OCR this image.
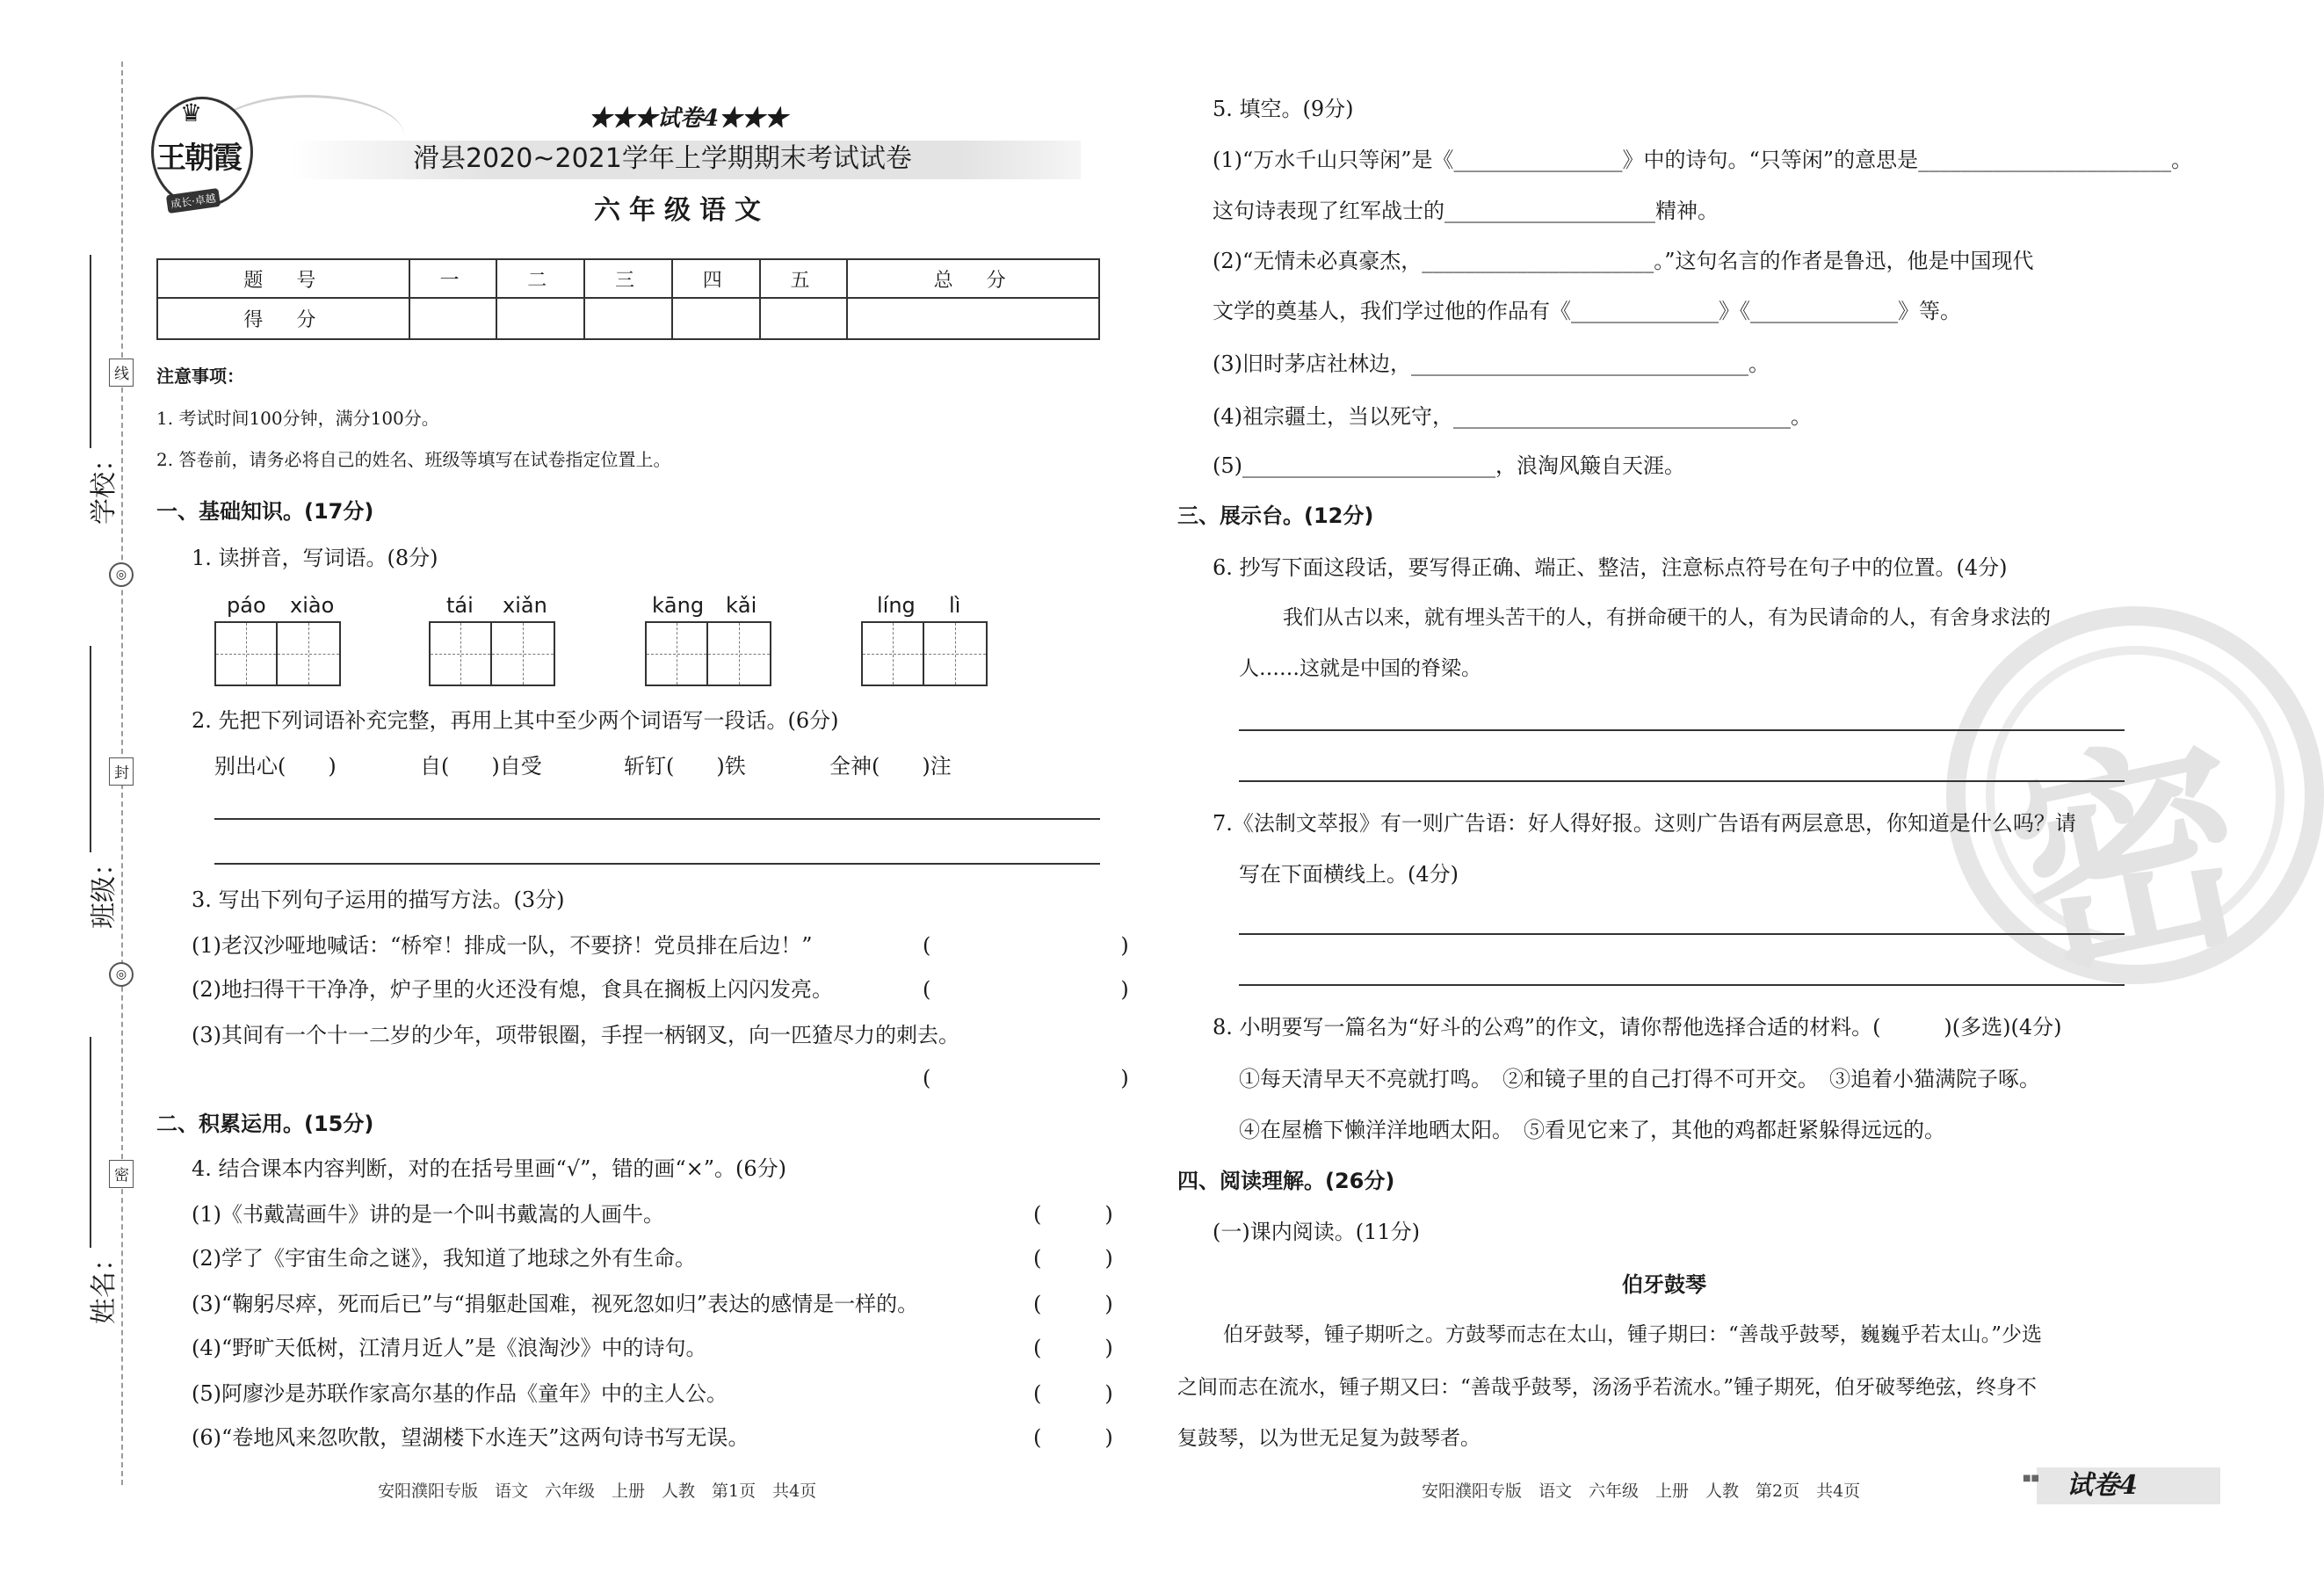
学校：
班级：
姓名：
线
封
密
◎
◎
♛
王朝霞
成长·卓越
★★★试卷4★★★
滑县2020~2021学年上学期期末考试试卷
六年级语文
题　号	一	二	三	四	五	总　分
得　分						
注意事项：
1. 考试时间100分钟，满分100分。
2. 答卷前，请务必将自己的姓名、班级等填写在试卷指定位置上。
一、基础知识。(17分)
1. 读拼音，写词语。(8分)
páo xiào	tái xiǎn	kāng kǎi	líng lì
2. 先把下列词语补充完整，再用上其中至少两个词语写一段话。(6分)
别出心(　　)	自(　　)自受	斩钉(　　)铁	全神(　　)注
3. 写出下列句子运用的描写方法。(3分)
(1)老汉沙哑地喊话：“桥窄！排成一队，不要挤！党员排在后边！”	(　　　　　　　　　)
(2)地扫得干干净净，炉子里的火还没有熄，食具在搁板上闪闪发亮。	(　　　　　　　　　)
(3)其间有一个十一二岁的少年，项带银圈，手捏一柄钢叉，向一匹猹尽力的刺去。
(　　　　　　　　　)
二、积累运用。(15分)
4. 结合课本内容判断，对的在括号里画“√”，错的画“×”。(6分)
(1)《书戴嵩画牛》讲的是一个叫书戴嵩的人画牛。	(　　　)
(2)学了《宇宙生命之谜》，我知道了地球之外有生命。	(　　　)
(3)“鞠躬尽瘁，死而后已”与“捐躯赴国难，视死忽如归”表达的感情是一样的。	(　　　)
(4)“野旷天低树，江清月近人”是《浪淘沙》中的诗句。	(　　　)
(5)阿廖沙是苏联作家高尔基的作品《童年》中的主人公。	(　　　)
(6)“卷地风来忽吹散，望湖楼下水连天”这两句诗书写无误。	(　　　)
安阳濮阳专版　语文　六年级　上册　人教　第1页　共4页
密
5. 填空。(9分)
(1)“万水千山只等闲”是《________________》中的诗句。“只等闲”的意思是________________________。
这句诗表现了红军战士的____________________精神。
(2)“无情未必真豪杰，______________________。”这句名言的作者是鲁迅，他是中国现代
文学的奠基人，我们学过他的作品有《______________》《______________》等。
(3)旧时茅店社林边，________________________________。
(4)祖宗疆土，当以死守，________________________________。
(5)________________________，浪淘风簸自天涯。
三、展示台。(12分)
6. 抄写下面这段话，要写得正确、端正、整洁，注意标点符号在句子中的位置。(4分)
我们从古以来，就有埋头苦干的人，有拼命硬干的人，有为民请命的人，有舍身求法的
人……这就是中国的脊梁。
7.《法制文萃报》有一则广告语：好人得好报。这则广告语有两层意思，你知道是什么吗？请
写在下面横线上。(4分)
8. 小明要写一篇名为“好斗的公鸡”的作文，请你帮他选择合适的材料。(　　　)(多选)(4分)
①每天清早天不亮就打鸣。　②和镜子里的自己打得不可开交。　③追着小猫满院子啄。
④在屋檐下懒洋洋地晒太阳。　⑤看见它来了，其他的鸡都赶紧躲得远远的。
四、阅读理解。(26分)
(一)课内阅读。(11分)
伯牙鼓琴
伯牙鼓琴，锺子期听之。方鼓琴而志在太山，锺子期曰：“善哉乎鼓琴，巍巍乎若太山。”少选
之间而志在流水，锺子期又曰：“善哉乎鼓琴，汤汤乎若流水。”锺子期死，伯牙破琴绝弦，终身不
复鼓琴，以为世无足复为鼓琴者。
安阳濮阳专版　语文　六年级　上册　人教　第2页　共4页
■■ 试卷4
